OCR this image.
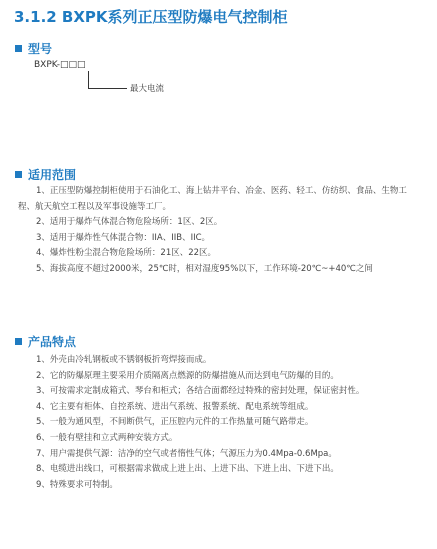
3.1.2 BXPK系列正压型防爆电气控制柜
型号
BXPK-□□□
最大电流
适用范围

1、正压型防爆控制柜使用于石油化工、海上钻井平台、冶金、医药、轻工、仿纺织、食品、生物工程、航天航空工程以及军事设施等工厂。

2、适用于爆炸气体混合物危险场所：1区、2区。

3、适用于爆炸性气体混合物：IIA、IIB、IIC。

4、爆炸性粉尘混合物危险场所：21区、22区。

5、海拔高度不超过2000米，25℃时，相对湿度95%以下，工作环境-20℃~+40℃之间

产品特点

1、外壳由冷轧钢板或不锈钢板折弯焊接而成。

2、它的防爆原理主要采用介质隔离点燃源的防爆措施从而达到电气防爆的目的。

3、可按需求定制成箱式、琴台和柜式；各结合面都经过特殊的密封处理，保证密封性。

4、它主要有柜体、自控系统、进出气系统、报警系统、配电系统等组成。

5、一般为通风型，不间断供气，正压腔内元件的工作热量可随气路带走。

6、一般有壁挂和立式两种安装方式。

7、用户需提供气源：洁净的空气或者惰性气体；气源压力为0.4Mpa-0.6Mpa。

8、电缆进出线口，可根据需求做成上进上出、上进下出、下进上出、下进下出。

9、特殊要求可特制。
